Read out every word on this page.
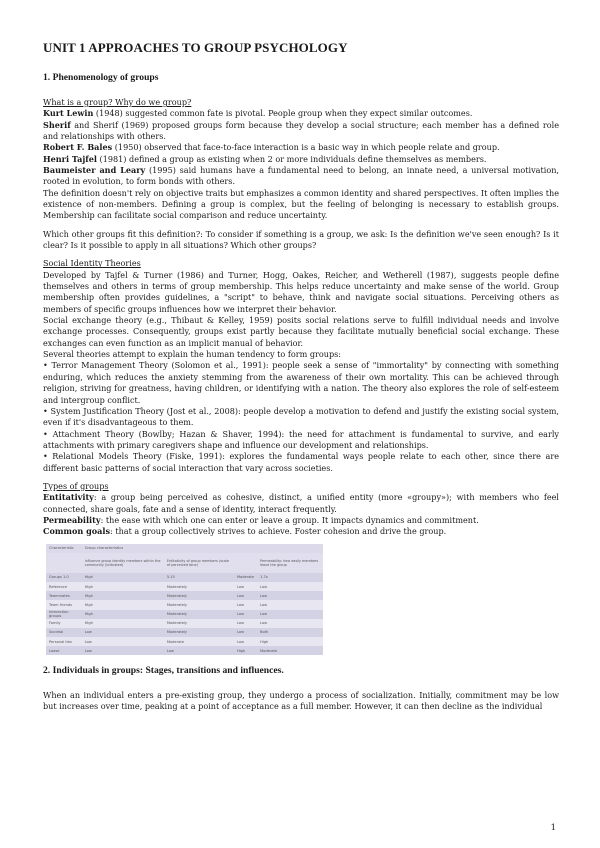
UNIT 1 APPROACHES TO GROUP PSYCHOLOGY
1. Phenomenology of groups
What is a group? Why do we group?

Kurt Lewin (1948) suggested common fate is pivotal. People group when they expect similar outcomes.

Sherif and Sherif (1969) proposed groups form because they develop a social structure; each member has a defined role and relationships with others.

Robert F. Bales (1950) observed that face-to-face interaction is a basic way in which people relate and group.

Henri Tajfel (1981) defined a group as existing when 2 or more individuals define themselves as members.

Baumeister and Leary (1995) said humans have a fundamental need to belong, an innate need, a universal motivation, rooted in evolution, to form bonds with others.

The definition doesn't rely on objective traits but emphasizes a common identity and shared perspectives. It often implies the existence of non-members. Defining a group is complex, but the feeling of belonging is necessary to establish groups. Membership can facilitate social comparison and reduce uncertainty.

Which other groups fit this definition?: To consider if something is a group, we ask: Is the definition we've seen enough? Is it clear? Is it possible to apply in all situations? Which other groups?

Social Identity Theories

Developed by Tajfel & Turner (1986) and Turner, Hogg, Oakes, Reicher, and Wetherell (1987), suggests people define themselves and others in terms of group membership. This helps reduce uncertainty and make sense of the world. Group membership often provides guidelines, a "script" to behave, think and navigate social situations. Perceiving others as members of specific groups influences how we interpret their behavior.

Social exchange theory (e.g., Thibaut & Kelley, 1959) posits social relations serve to fulfill individual needs and involve exchange processes. Consequently, groups exist partly because they facilitate mutually beneficial social exchange. These exchanges can even function as an implicit manual of behavior.

Several theories attempt to explain the human tendency to form groups:

• Terror Management Theory (Solomon et al., 1991): people seek a sense of "immortality" by connecting with something enduring, which reduces the anxiety stemming from the awareness of their own mortality. This can be achieved through religion, striving for greatness, having children, or identifying with a nation. The theory also explores the role of self-esteem and intergroup conflict.

• System Justification Theory (Jost et al., 2008): people develop a motivation to defend and justify the existing social system, even if it's disadvantageous to them.

• Attachment Theory (Bowlby; Hazan & Shaver, 1994): the need for attachment is fundamental to survive, and early attachments with primary caregivers shape and influence our development and relationships.

• Relational Models Theory (Fiske, 1991): explores the fundamental ways people relate to each other, since there are different basic patterns of social interaction that vary across societies.

Types of groups

Entitativity: a group being perceived as cohesive, distinct, a unified entity (more «groupy»); with members who feel connected, share goals, fate and a sense of identity, interact frequently.

Permeability: the ease with which one can enter or leave a group. It impacts dynamics and commitment.

Common goals: that a group collectively strives to achieve. Foster cohesion and drive the group.

Characteristic	Group characteristics			
	Influence group identity members within the community (indicated)	Entitativity of group members (scale of perceived tone)		Permeability: how easily members leave the group
Groups 1.0	High	5.15	Moderate	1.7x
Reference	High	Moderately	Low	Low
Teammates	High	Moderately	Low	Low
Team friends	High	Moderately	Low	Low
Interaction groups	High	Moderately	Low	Low
Family	High	Moderately	Low	Low
Societal	Low	Moderately	Low	Both
Personal ties	Low	Moderate	Low	High
Loose	Low	Low	High	Moderate
2. Individuals in groups: Stages, transitions and influences.

When an individual enters a pre-existing group, they undergo a process of socialization. Initially, commitment may be low but increases over time, peaking at a point of acceptance as a full member. However, it can then decline as the individual

1
